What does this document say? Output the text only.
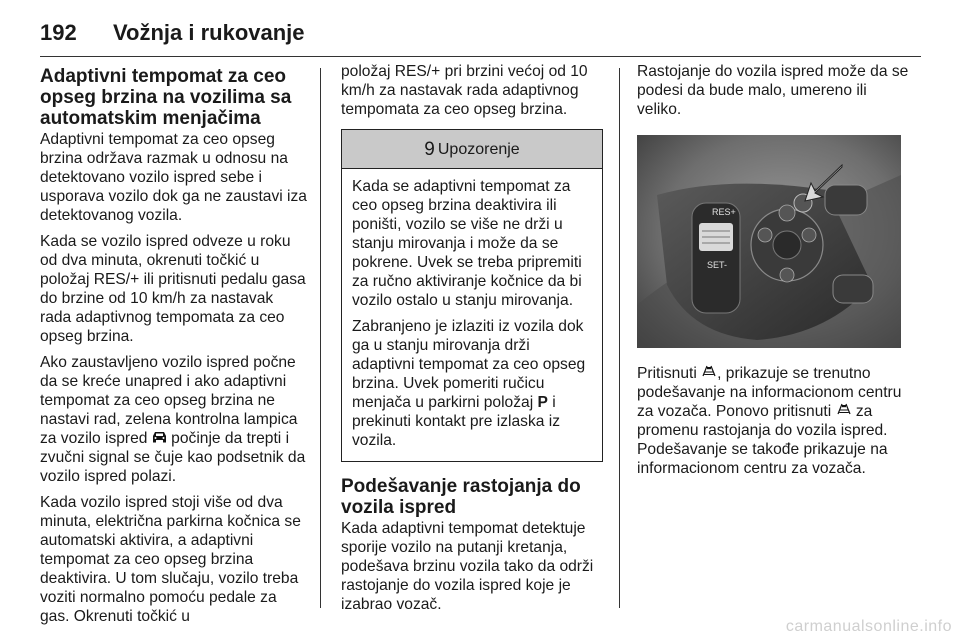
192 Vožnja i rukovanje
Adaptivni tempomat za ceo opseg brzina na vozilima sa automatskim menjačima

Adaptivni tempomat za ceo opseg brzina održava razmak u odnosu na detektovano vozilo ispred sebe i usporava vozilo dok ga ne zaustavi iza detektovanog vozila.

Kada se vozilo ispred odveze u roku od dva minuta, okrenuti točkić u položaj RES/+ ili pritisnuti pedalu gasa do brzine od 10 km/h za nastavak rada adaptivnog tempomata za ceo opseg brzina.

Ako zaustavljeno vozilo ispred počne da se kreće unapred i ako adaptivni tempomat za ceo opseg brzina ne nastavi rad, zelena kontrolna lampica za vozilo ispred počinje da trepti i zvučni signal se čuje kao podsetnik da vozilo ispred polazi.

Kada vozilo ispred stoji više od dva minuta, električna parkirna kočnica se automatski aktivira, a adaptivni tempomat za ceo opseg brzina deaktivira. U tom slučaju, vozilo treba voziti normalno pomoću pedale za gas. Okrenuti točkić u

položaj RES/+ pri brzini većoj od 10 km/h za nastavak rada adaptivnog tempomata za ceo opseg brzina.

9 Upozorenje

Kada se adaptivni tempomat za ceo opseg brzina deaktivira ili poništi, vozilo se više ne drži u stanju mirovanja i može da se pokrene. Uvek se treba pripremiti za ručno aktiviranje kočnice da bi vozilo ostalo u stanju mirovanja.

Zabranjeno je izlaziti iz vozila dok ga u stanju mirovanja drži adaptivni tempomat za ceo opseg brzina. Uvek pomeriti ručicu menjača u parkirni položaj P i prekinuti kontakt pre izlaska iz vozila.

Podešavanje rastojanja do vozila ispred

Kada adaptivni tempomat detektuje sporije vozilo na putanji kretanja, podešava brzinu vozila tako da održi rastojanje do vozila ispred koje je izabrao vozač.

Rastojanje do vozila ispred može da se podesi da bude malo, umereno ili veliko.

RES+
SET-

Pritisnuti , prikazuje se trenutno podešavanje na informacionom centru za vozača. Ponovo pritisnuti za promenu rastojanja do vozila ispred. Podešavanje se takođe prikazuje na informacionom centru za vozača.

carmanualsonline.info
